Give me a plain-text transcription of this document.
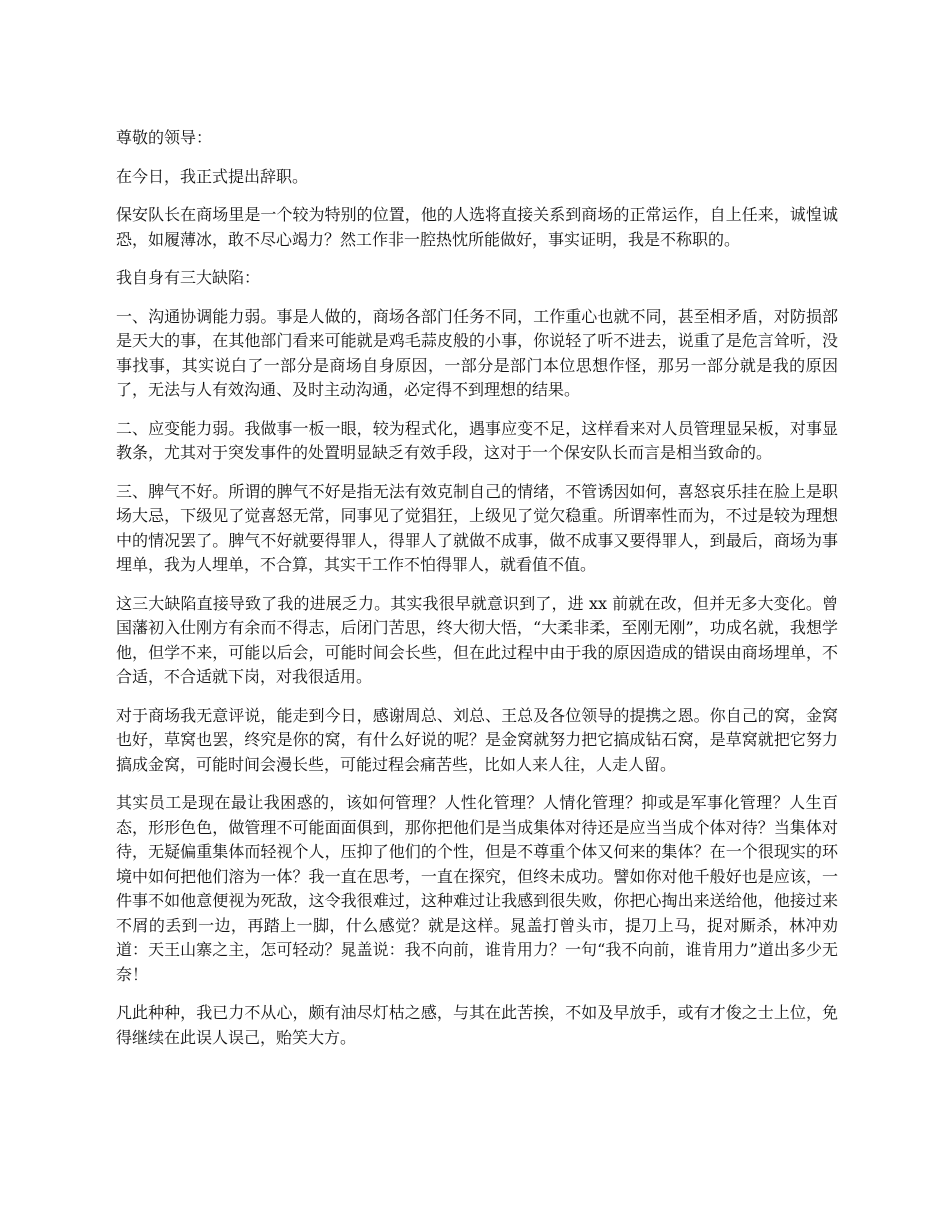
尊敬的领导：

在今日，我正式提出辞职。

保安队长在商场里是一个较为特别的位置，他的人选将直接关系到商场的正常运作，自上任来，诚惶诚恐，如履薄冰，敢不尽心竭力？然工作非一腔热忱所能做好，事实证明，我是不称职的。

我自身有三大缺陷：

一、沟通协调能力弱。事是人做的，商场各部门任务不同，工作重心也就不同，甚至相矛盾，对防损部是天大的事，在其他部门看来可能就是鸡毛蒜皮般的小事，你说轻了听不进去，说重了是危言耸听，没事找事，其实说白了一部分是商场自身原因，一部分是部门本位思想作怪，那另一部分就是我的原因了，无法与人有效沟通、及时主动沟通，必定得不到理想的结果。

二、应变能力弱。我做事一板一眼，较为程式化，遇事应变不足，这样看来对人员管理显呆板，对事显教条，尤其对于突发事件的处置明显缺乏有效手段，这对于一个保安队长而言是相当致命的。

三、脾气不好。所谓的脾气不好是指无法有效克制自己的情绪，不管诱因如何，喜怒哀乐挂在脸上是职场大忌，下级见了觉喜怒无常，同事见了觉猖狂，上级见了觉欠稳重。所谓率性而为，不过是较为理想中的情况罢了。脾气不好就要得罪人，得罪人了就做不成事，做不成事又要得罪人，到最后，商场为事埋单，我为人埋单，不合算，其实干工作不怕得罪人，就看值不值。

这三大缺陷直接导致了我的进展乏力。其实我很早就意识到了，进 xx 前就在改，但并无多大变化。曾国藩初入仕刚方有余而不得志，后闭门苦思，终大彻大悟，“大柔非柔，至刚无刚”，功成名就，我想学他，但学不来，可能以后会，可能时间会长些，但在此过程中由于我的原因造成的错误由商场埋单，不合适，不合适就下岗，对我很适用。

对于商场我无意评说，能走到今日，感谢周总、刘总、王总及各位领导的提携之恩。你自己的窝，金窝也好，草窝也罢，终究是你的窝，有什么好说的呢？是金窝就努力把它搞成钻石窝，是草窝就把它努力搞成金窝，可能时间会漫长些，可能过程会痛苦些，比如人来人往，人走人留。

其实员工是现在最让我困惑的，该如何管理？人性化管理？人情化管理？抑或是军事化管理？人生百态，形形色色，做管理不可能面面俱到，那你把他们是当成集体对待还是应当当成个体对待？当集体对待，无疑偏重集体而轻视个人，压抑了他们的个性，但是不尊重个体又何来的集体？在一个很现实的环境中如何把他们溶为一体？我一直在思考，一直在探究，但终未成功。譬如你对他千般好也是应该，一件事不如他意便视为死敌，这令我很难过，这种难过让我感到很失败，你把心掏出来送给他，他接过来不屑的丢到一边，再踏上一脚，什么感觉？就是这样。晁盖打曾头市，提刀上马，捉对厮杀，林冲劝道：天王山寨之主，怎可轻动？晁盖说：我不向前，谁肯用力？一句“我不向前，谁肯用力”道出多少无奈！

凡此种种，我已力不从心，颇有油尽灯枯之感，与其在此苦挨，不如及早放手，或有才俊之士上位，免得继续在此误人误己，贻笑大方。
